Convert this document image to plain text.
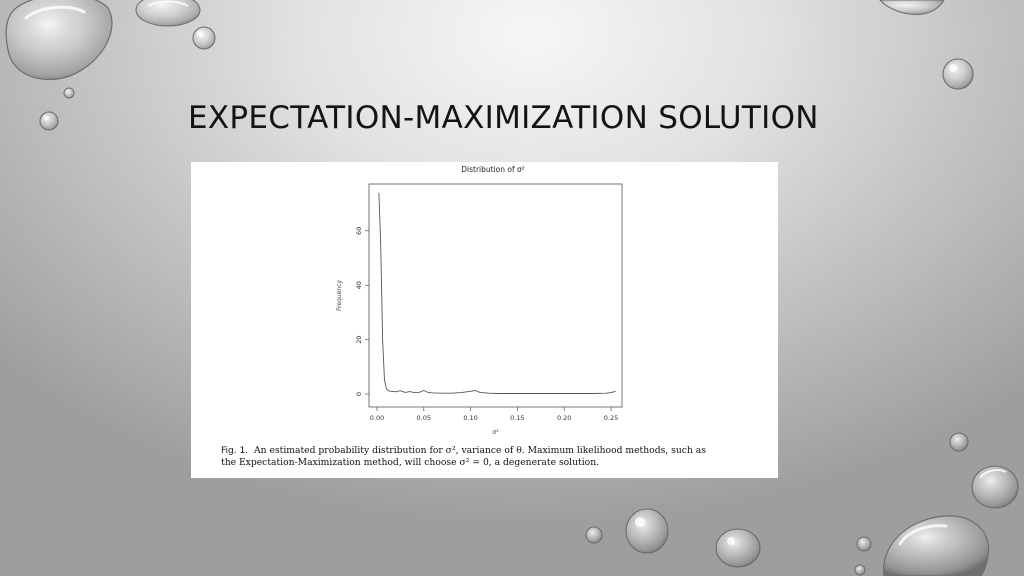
EXPECTATION-MAXIMIZATION SOLUTION
Distribution of σ²
Frequency
σ²
0.00	0.05	0.10	0.15	0.20	0.25
0
20
40
60
Fig. 1. An estimated probability distribution for σ², variance of θ. Maximum likelihood methods, such as
the Expectation-Maximization method, will choose σ² = 0, a degenerate solution.
